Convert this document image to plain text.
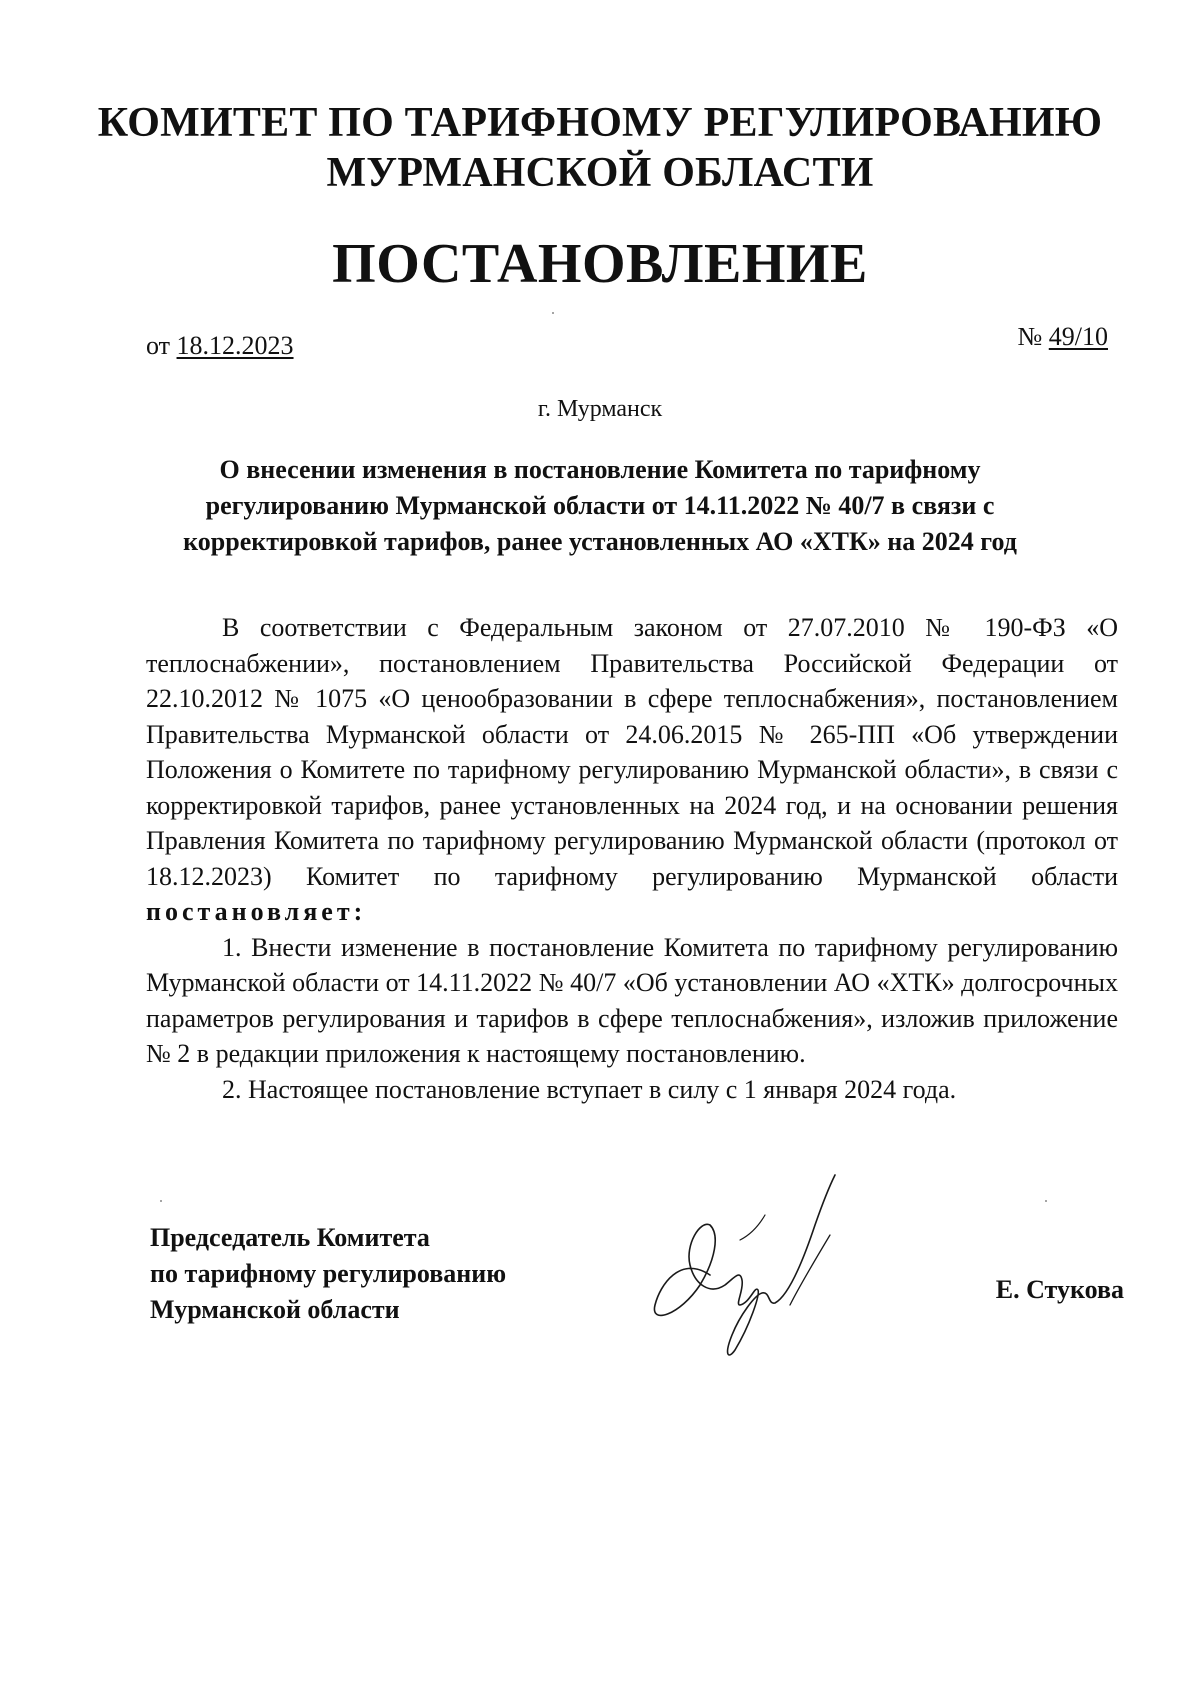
КОМИТЕТ ПО ТАРИФНОМУ РЕГУЛИРОВАНИЮ
МУРМАНСКОЙ ОБЛАСТИ
ПОСТАНОВЛЕНИЕ
от 18.12.2023	№ 49/10
г. Мурманск
О внесении изменения в постановление Комитета по тарифному
регулированию Мурманской области от 14.11.2022 № 40/7 в связи с
корректировкой тарифов, ранее установленных АО «ХТК» на 2024 год

В соответствии с Федеральным законом от 27.07.2010 № 190-ФЗ «О теплоснабжении», постановлением Правительства Российской Федерации от 22.10.2012 № 1075 «О ценообразовании в сфере теплоснабжения», постановлением Правительства Мурманской области от 24.06.2015 № 265-ПП «Об утверждении Положения о Комитете по тарифному регулированию Мурманской области», в связи с корректировкой тарифов, ранее установленных на 2024 год, и на основании решения Правления Комитета по тарифному регулированию Мурманской области (протокол от 18.12.2023) Комитет по тарифному регулированию Мурманской области постановляет:

1. Внести изменение в постановление Комитета по тарифному регулированию Мурманской области от 14.11.2022 № 40/7 «Об установлении АО «ХТК» долгосрочных параметров регулирования и тарифов в сфере теплоснабжения», изложив приложение № 2 в редакции приложения к настоящему постановлению.

2. Настоящее постановление вступает в силу с 1 января 2024 года.

Председатель Комитета
по тарифному регулированию
Мурманской области
Е. Стукова
